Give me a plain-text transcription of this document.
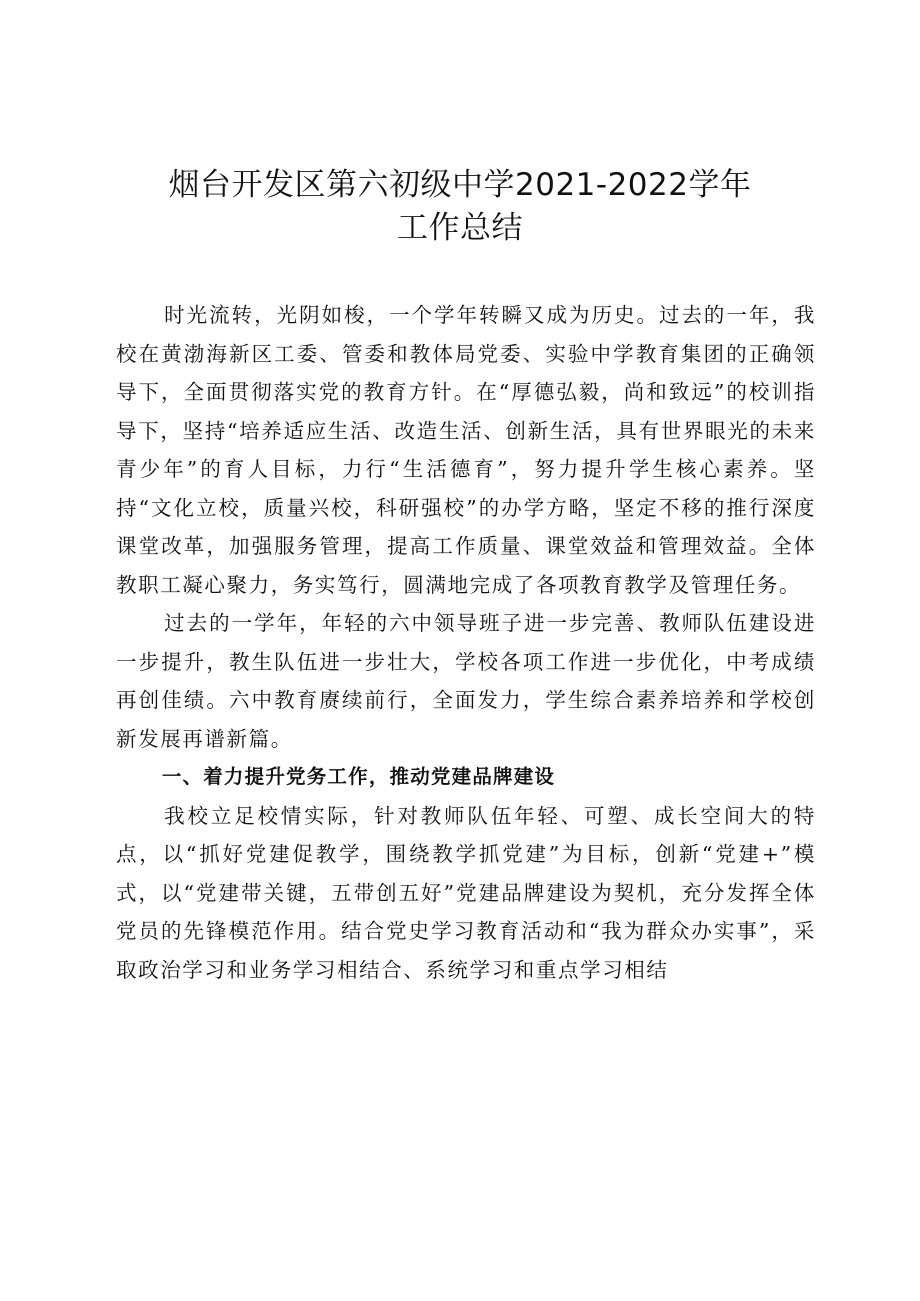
烟台开发区第六初级中学2021-2022学年
工作总结

时光流转，光阴如梭，一个学年转瞬又成为历史。过去的一年，我校在黄渤海新区工委、管委和教体局党委、实验中学教育集团的正确领导下，全面贯彻落实党的教育方针。在“厚德弘毅，尚和致远”的校训指导下，坚持“培养适应生活、改造生活、创新生活，具有世界眼光的未来青少年”的育人目标，力行“生活德育”，努力提升学生核心素养。坚持“文化立校，质量兴校，科研强校”的办学方略，坚定不移的推行深度课堂改革，加强服务管理，提高工作质量、课堂效益和管理效益。全体教职工凝心聚力，务实笃行，圆满地完成了各项教育教学及管理任务。

过去的一学年，年轻的六中领导班子进一步完善、教师队伍建设进一步提升，教生队伍进一步壮大，学校各项工作进一步优化，中考成绩再创佳绩。六中教育赓续前行，全面发力，学生综合素养培养和学校创新发展再谱新篇。

一、着力提升党务工作，推动党建品牌建设

我校立足校情实际，针对教师队伍年轻、可塑、成长空间大的特点，以“抓好党建促教学，围绕教学抓党建”为目标，创新“党建+”模式，以“党建带关键，五带创五好”党建品牌建设为契机，充分发挥全体党员的先锋模范作用。结合党史学习教育活动和“我为群众办实事”，采取政治学习和业务学习相结合、系统学习和重点学习相结
